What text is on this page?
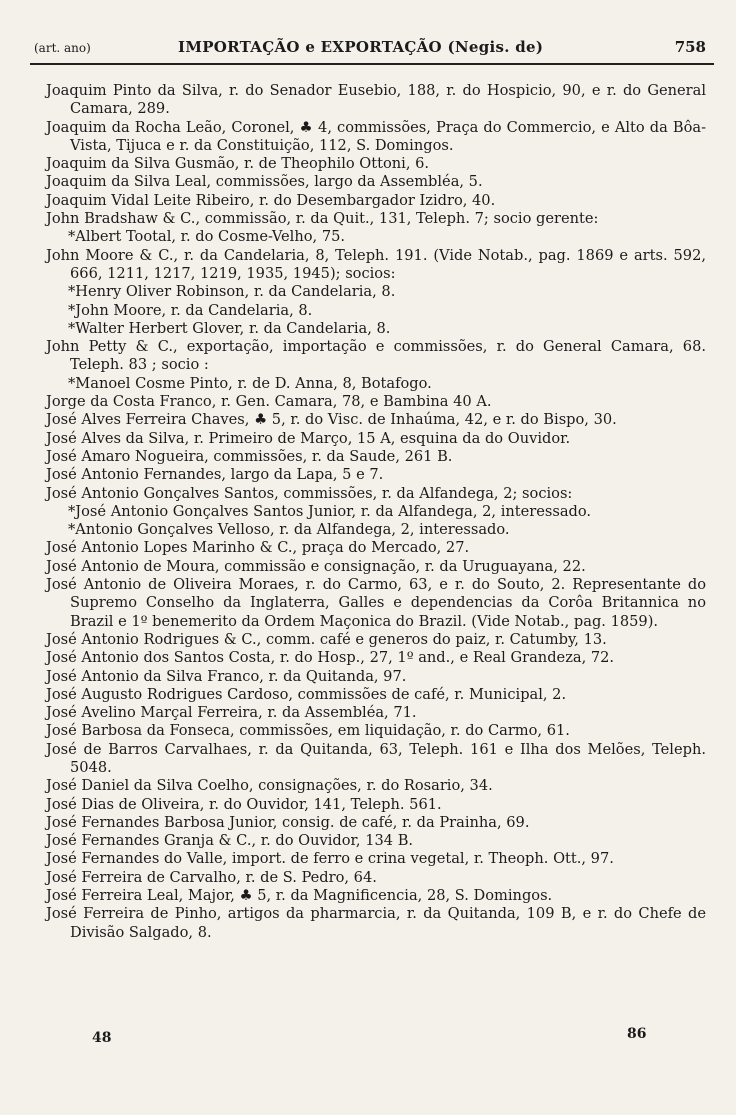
(art. ano)	IMPORTAÇÃO e EXPORTAÇÃO (Negis. de)	758
Joaquim Pinto da Silva, r. do Senador Eusebio, 188, r. do Hospicio, 90, e r. do General Camara, 289.
Joaquim da Rocha Leão, Coronel, ♣ 4, commissões, Praça do Commercio, e Alto da Bôa-Vista, Tijuca e r. da Constituição, 112, S. Domingos.
Joaquim da Silva Gusmão, r. de Theophilo Ottoni, 6.
Joaquim da Silva Leal, commissões, largo da Assembléa, 5.
Joaquim Vidal Leite Ribeiro, r. do Desembargador Izidro, 40.
John Bradshaw & C., commissão, r. da Quit., 131, Teleph. 7; socio gerente:
*Albert Tootal, r. do Cosme-Velho, 75.
John Moore & C., r. da Candelaria, 8, Teleph. 191. (Vide Notab., pag. 1869 e arts. 592, 666, 1211, 1217, 1219, 1935, 1945); socios:
*Henry Oliver Robinson, r. da Candelaria, 8.
*John Moore, r. da Candelaria, 8.
*Walter Herbert Glover, r. da Candelaria, 8.
John Petty & C., exportação, importação e commissões, r. do General Camara, 68. Teleph. 83 ; socio :
*Manoel Cosme Pinto, r. de D. Anna, 8, Botafogo.
Jorge da Costa Franco, r. Gen. Camara, 78, e Bambina 40 A.
José Alves Ferreira Chaves, ♣ 5, r. do Visc. de Inhaúma, 42, e r. do Bispo, 30.
José Alves da Silva, r. Primeiro de Março, 15 A, esquina da do Ouvidor.
José Amaro Nogueira, commissões, r. da Saude, 261 B.
José Antonio Fernandes, largo da Lapa, 5 e 7.
José Antonio Gonçalves Santos, commissões, r. da Alfandega, 2; socios:
*José Antonio Gonçalves Santos Junior, r. da Alfandega, 2, interessado.
*Antonio Gonçalves Velloso, r. da Alfandega, 2, interessado.
José Antonio Lopes Marinho & C., praça do Mercado, 27.
José Antonio de Moura, commissão e consignação, r. da Uruguayana, 22.
José Antonio de Oliveira Moraes, r. do Carmo, 63, e r. do Souto, 2. Representante do Supremo Conselho da Inglaterra, Galles e dependencias da Corôa Britannica no Brazil e 1º benemerito da Ordem Maçonica do Brazil. (Vide Notab., pag. 1859).
José Antonio Rodrigues & C., comm. café e generos do paiz, r. Catumby, 13.
José Antonio dos Santos Costa, r. do Hosp., 27, 1º and., e Real Grandeza, 72.
José Antonio da Silva Franco, r. da Quitanda, 97.
José Augusto Rodrigues Cardoso, commissões de café, r. Municipal, 2.
José Avelino Marçal Ferreira, r. da Assembléa, 71.
José Barbosa da Fonseca, commissões, em liquidação, r. do Carmo, 61.
José de Barros Carvalhaes, r. da Quitanda, 63, Teleph. 161 e Ilha dos Melões, Teleph. 5048.
José Daniel da Silva Coelho, consignações, r. do Rosario, 34.
José Dias de Oliveira, r. do Ouvidor, 141, Teleph. 561.
José Fernandes Barbosa Junior, consig. de café, r. da Prainha, 69.
José Fernandes Granja & C., r. do Ouvidor, 134 B.
José Fernandes do Valle, import. de ferro e crina vegetal, r. Theoph. Ott., 97.
José Ferreira de Carvalho, r. de S. Pedro, 64.
José Ferreira Leal, Major, ♣ 5, r. da Magnificencia, 28, S. Domingos.
José Ferreira de Pinho, artigos da pharmarcia, r. da Quitanda, 109 B, e r. do Chefe de Divisão Salgado, 8.
48	86
